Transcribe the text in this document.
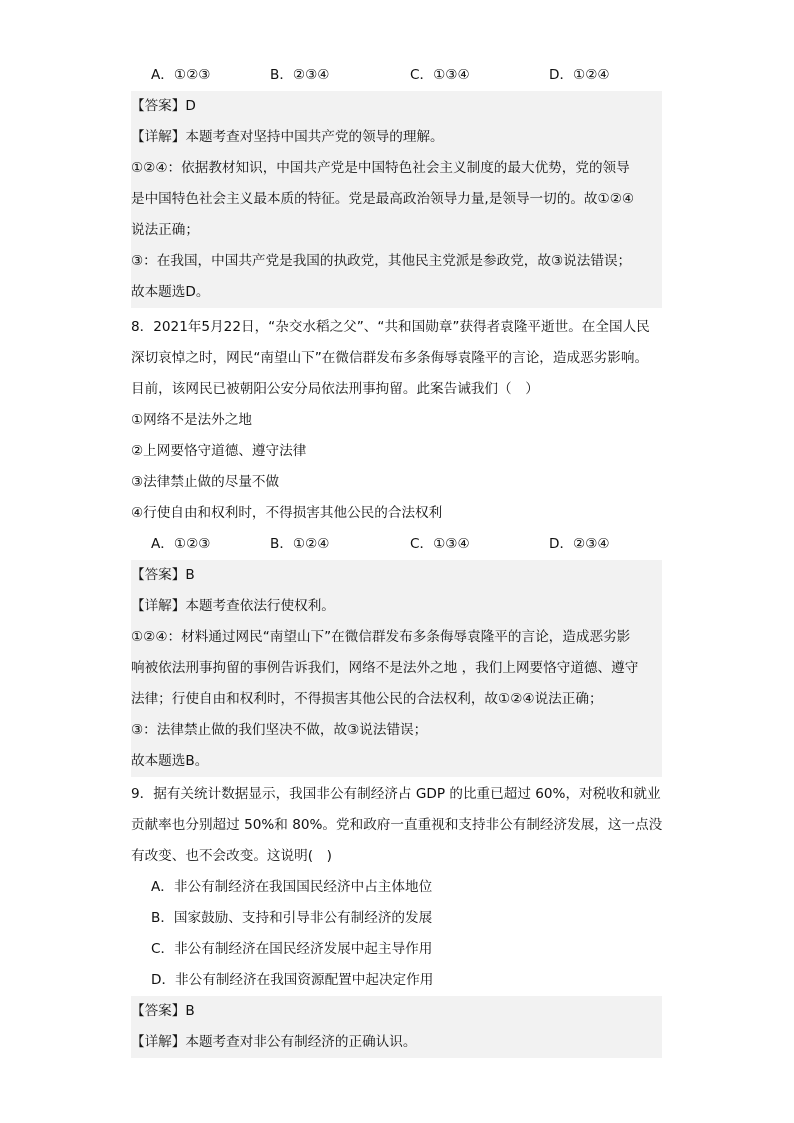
A．①②③	B．②③④	C．①③④	D．①②④
【答案】D
【详解】本题考查对坚持中国共产党的领导的理解。
①②④：依据教材知识，中国共产党是中国特色社会主义制度的最大优势，党的领导
是中国特色社会主义最本质的特征。党是最高政治领导力量,是领导一切的。故①②④
说法正确；
③：在我国，中国共产党是我国的执政党，其他民主党派是参政党，故③说法错误；
故本题选D。
8．2021年5月22日，“杂交水稻之父”、“共和国勋章”获得者袁隆平逝世。在全国人民
深切哀悼之时，网民“南望山下”在微信群发布多条侮辱袁隆平的言论，造成恶劣影响。
目前，该网民已被朝阳公安分局依法刑事拘留。此案告诫我们（　）
①网络不是法外之地
②上网要恪守道德、遵守法律
③法律禁止做的尽量不做
④行使自由和权利时，不得损害其他公民的合法权利
A．①②③	B．①②④	C．①③④	D．②③④
【答案】B
【详解】本题考查依法行使权利。
①②④：材料通过网民“南望山下”在微信群发布多条侮辱袁隆平的言论，造成恶劣影
响被依法刑事拘留的事例告诉我们，网络不是法外之地 ，我们上网要恪守道德、遵守
法律；行使自由和权利时，不得损害其他公民的合法权利，故①②④说法正确；
③：法律禁止做的我们坚决不做，故③说法错误；
故本题选B。
9．据有关统计数据显示，我国非公有制经济占 GDP 的比重已超过 60%，对税收和就业
贡献率也分别超过 50%和 80%。党和政府一直重视和支持非公有制经济发展，这一点没
有改变、也不会改变。这说明(　)
A．非公有制经济在我国国民经济中占主体地位
B．国家鼓励、支持和引导非公有制经济的发展
C．非公有制经济在国民经济发展中起主导作用
D．非公有制经济在我国资源配置中起决定作用
【答案】B
【详解】本题考查对非公有制经济的正确认识。
